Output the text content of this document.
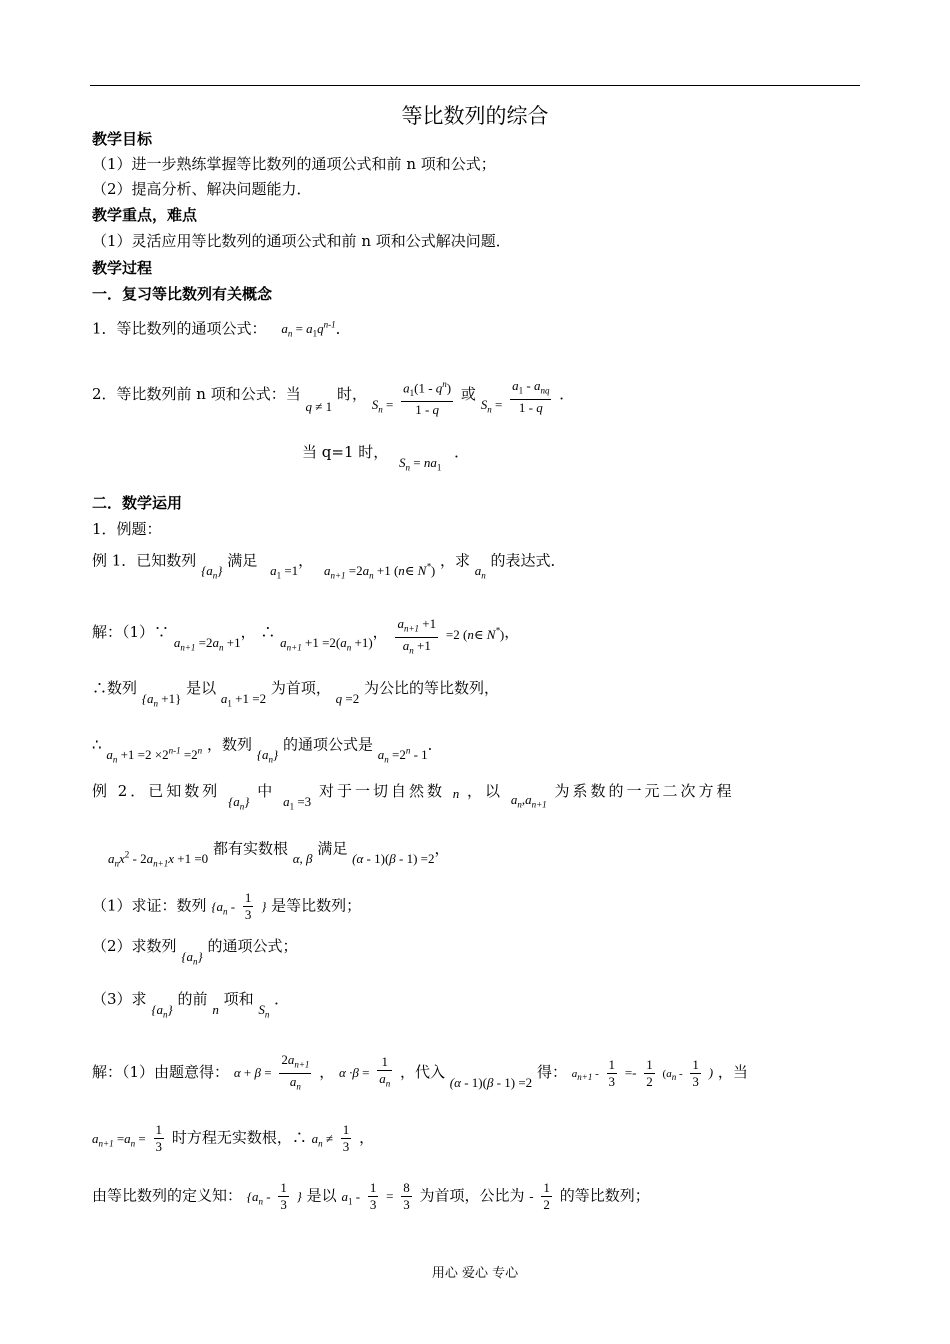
等比数列的综合
教学目标
（1）进一步熟练掌握等比数列的通项公式和前 n 项和公式；
（2）提高分析、解决问题能力．
教学重点，难点
（1）灵活应用等比数列的通项公式和前 n 项和公式解决问题．
教学过程
一．复习等比数列有关概念
1．等比数列的通项公式： $a_n = a_1q^{n-1}$．
2．等比数列前 n 项和公式：当 q ≠ 1 时， $S_n = \frac{a_1(1 - q^n)}{1 - q}$ 或 $S_n = \frac{a_1 - a_{nq}}{1 - q}$ ．
当 q=1 时， $S_n = na_1$ ．
二．数学运用
1．例题：
例 1．已知数列 $\{a_n\}$ 满足 $a_1 =1$， $a_{n+1} =2a_n +1$ (n∈ N*) ，求 $a_n$ 的表达式．
解：（1）∵ $a_{n+1} =2a_n +1$， ∴ $a_{n+1} +1 =2(a_n +1)$， $\frac{a_{n+1} +1}{a_n +1} =2$ (n∈ N*)，
∴数列 $\{a_n +1\}$ 是以 $a_1 +1 =2$ 为首项， q =2 为公比的等比数列，
∴ $a_n +1 =2 \times 2^{n-1} =2^n$ ，数列 $\{a_n\}$ 的通项公式是 $a_n =2^n - 1$．
例 2．已知数列 $\{a_n\}$ 中 $a_1 =3$ 对于一切自然数 n ，以 $a_n,a_{n+1}$ 为系数的一元二次方程
$a_nx^2 - 2a_{n+1}x +1 =0$ 都有实数根 α, β 满足 (α - 1)(β - 1) =2，
（1）求证：数列 {$a_n - \frac{1}{3}$ } 是等比数列；
（2）求数列 $\{a_n\}$ 的通项公式；
（3）求 $\{a_n\}$ 的前 n 项和 $S_n$ ．
解：（1）由题意得： $\alpha + \beta = \frac{2a_{n+1}}{a_n}$ ， $\alpha \cdot\beta = \frac{1}{a_n}$ ，代入 (α - 1)(β - 1) =2 得： $a_{n+1} - \frac{1}{3} =- \frac{1}{2} (a_n - \frac{1}{3}$ ) ，当
$a_{n+1} =a_n = \frac{1}{3}$ 时方程无实数根，∴ $a_n \ne \frac{1}{3}$ ，
由等比数列的定义知： {$a_n - \frac{1}{3}$ } 是以 $a_1 - \frac{1}{3} = \frac{8}{3}$ 为首项，公比为 - $\frac{1}{2}$ 的等比数列；
用心 爱心 专心
